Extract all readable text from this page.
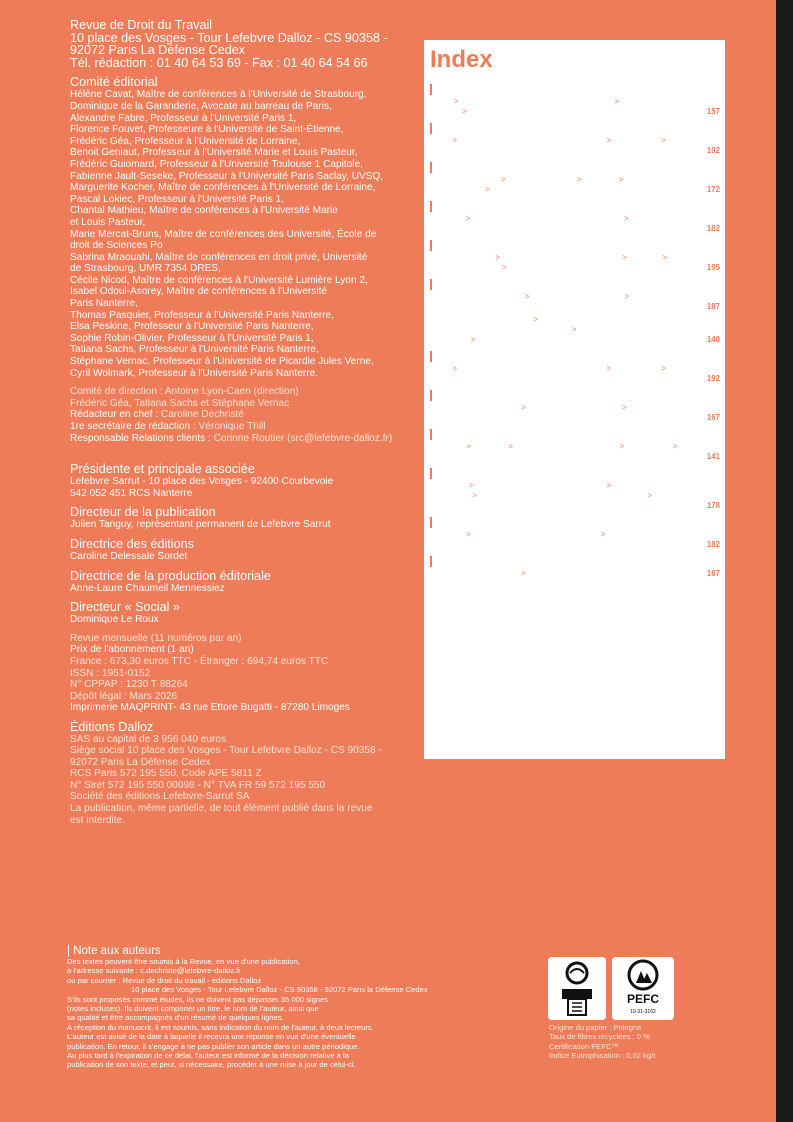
Revue de Droit du Travail

10 place des Vosges - Tour Lefebvre Dalloz - CS 90358 -

92072 Paris La Défense Cedex

Tél. rédaction : 01 40 64 53 69 - Fax : 01 40 64 54 66

Comité éditorial

Hélène Cavat, Maître de conférences à l'Université de Strasbourg,

Dominique de la Garanderie, Avocate au barreau de Paris,

Alexandre Fabre, Professeur à l'Université Paris 1,

Florence Fouvet, Professeure à l'Université de Saint-Étienne,

Frédéric Géa, Professeur à l'Université de Lorraine,

Benoit Geniaut, Professeur à l'Université Marie et Louis Pasteur,

Frédéric Guiomard, Professeur à l'Université Toulouse 1 Capitole,

Fabienne Jault-Seseke, Professeur à l'Université Paris Saclay, UVSQ,

Marguerite Kocher, Maître de conférences à l'Université de Lorraine,

Pascal Lokiec, Professeur à l'Université Paris 1,

Chantal Mathieu, Maître de conférences à l'Université Marie

et Louis Pasteur,

Marie Mercat-Bruns, Maître de conférences des Université, École de

droit de Sciences Po

Sabrina Mraouahi, Maître de conférences en droit privé, Université

de Strasbourg, UMR 7354 DRES,

Cécile Nicod, Maître de conférences à l'Université Lumière Lyon 2,

Isabel Odoul-Asorey, Maître de conférences à l'Université

Paris Nanterre,

Thomas Pasquier, Professeur à l'Université Paris Nanterre,

Elsa Peskine, Professeur à l'Université Paris Nanterre,

Sophie Robin-Olivier, Professeur à l'Université Paris 1,

Tatiana Sachs, Professeur à l'Université Paris Nanterre,

Stéphane Vernac, Professeur à l'Université de Picardie Jules Verne,

Cyril Wolmark, Professeur à l'Université Paris Nanterre.

Comité de direction : Antoine Lyon-Caen (direction)

Frédéric Géa, Tatiana Sachs et Stéphane Vernac

Rédacteur en chef : Caroline Dechristé

1re secrétaire de rédaction : Véronique Thill

Responsable Relations clients : Corinne Routier (src@lefebvre-dalloz.fr)

Présidente et principale associée

Lefebvre Sarrut - 10 place des Vosges - 92400 Courbevoie

542 052 451 RCS Nanterre

Directeur de la publication

Julien Tanguy, représentant permanent de Lefebvre Sarrut

Directrice des éditions

Caroline Delessale Sordet

Directrice de la production éditoriale

Anne-Laure Chaumeil Mennessiez

Directeur « Social »

Dominique Le Roux

Revue mensuelle (11 numéros par an)

Prix de l'abonnement (1 an)

France : 673,30 euros TTC - Étranger : 694,74 euros TTC

ISSN : 1951-0152

N° CPPAP : 1230 T 88264

Dépôt légal : Mars 2026

Imprimerie MAQPRINT- 43 rue Ettore Bugatti - 87280 Limoges

Éditions Dalloz

SAS au capital de 3 956 040 euros

Siège social 10 place des Vosges - Tour Lefebvre Dalloz - CS 90358 -

92072 Paris La Défense Cedex

RCS Paris 572 195 550, Code APE 5811 Z

N° Siret 572 195 550 00098 - N° TVA FR 59 572 195 550

Société des éditions Lefebvre-Sarrut SA

La publication, même partielle, de tout élément publié dans la revue

est interdite.

Index
CONFLIT COLLECTIF
Grève > Diversité des actions dans le conflit collectif > Régime juridique > Activation des droits fondamentaux	157
CONTENTIEUX
Appel > Principe de concentration des prétentions > Fait nouveau > Jurisprudence nouvelle	192
ENTREPRISE
Directive Omnibus I > Devoir de vigilance > Durabilité > Contraction des obligations > Domaine d'application	172
FORMATION PROFESSIONNELLE
Illettrisme > Prise en compte de la situation d'illettrisme > Intérêt à agir de l'entreprise	182
HISTOIRE DU DROIT DU TRAVAIL
Les lois des Indes > Protection des travailleurs indiens > Espagne > XVIe et XVIIe siècle > Globalisation de l'économie	195
INSTITUTIONS REPRÉSENTATIVES DU PERSONNEL
Représentant de proximité > Conditions de désignation > Liberté conventionnelle	187
Représentation du personnel > Association effective des représentants du personnel à la gestion de l'entreprise > Propositions de réformes législatives > Cercle Maurice Cohen	148
PROCÉDURE
Appel > Principe de concentration des prétentions > Fait nouveau > Jurisprudence nouvelle	192
RUPTURE DU CONTRAT DE TRAVAIL
Licenciement privé d'effet > Indemnité de licenciement > Transfert d'entreprise	167
SALAIRE
Pourboire > Définition > Exonération fiscale et sociale > Prolongation > Éditorial	141
SANTÉ AU TRAVAIL
Télétravail > Préconisations du médecin du travail > Refus de l'employeur > Opposition du salarié à la visite de son domicile > Obligation de sécurité et respect de la vie privée du salarié	178
SÉCURITÉ AU TRAVAIL
Illettrisme > Incidence de la situation d'illettrisme > Intérêt à agir de l'entreprise	182
TRANSFERT D'ENTREPRISE
Licenciement privé d'effet > Indemnité de licenciement	167

| Note aux auteurs

Des textes peuvent être soumis à la Revue, en vue d'une publication,

à l'adresse suivante : c.dechriste@lefebvre-dalloz.fr

ou par courrier : Revue de droit du travail - éditions Dalloz

10 place des Vosges - Tour Lefebvre Dalloz - CS 90358 - 92072 Paris la Défense Cedex

S'ils sont proposés comme études, ils ne doivent pas dépasser 35 000 signes

(notes incluses). Ils doivent comporter un titre, le nom de l'auteur, ainsi que

sa qualité et être accompagnés d'un résumé de quelques lignes.

À réception du manuscrit, il est soumis, sans indication du nom de l'auteur, à deux lecteurs.

L'auteur est avisé de la date à laquelle il recevra une réponse en vue d'une éventuelle

publication. En retour, il s'engage à ne pas publier son article dans un autre périodique.

Au plus tard à l'expiration de ce délai, l'auteur est informé de la décision relative à la

publication de son texte, et peut, si nécessaire, procéder à une mise à jour de celui-ci.

PEFC
10-31-3162

Origine du papier : Pologne

Taux de fibres recyclées : 0 %

Certification PEFC™

Indice Eutrophisation : 0,02 kg/t
